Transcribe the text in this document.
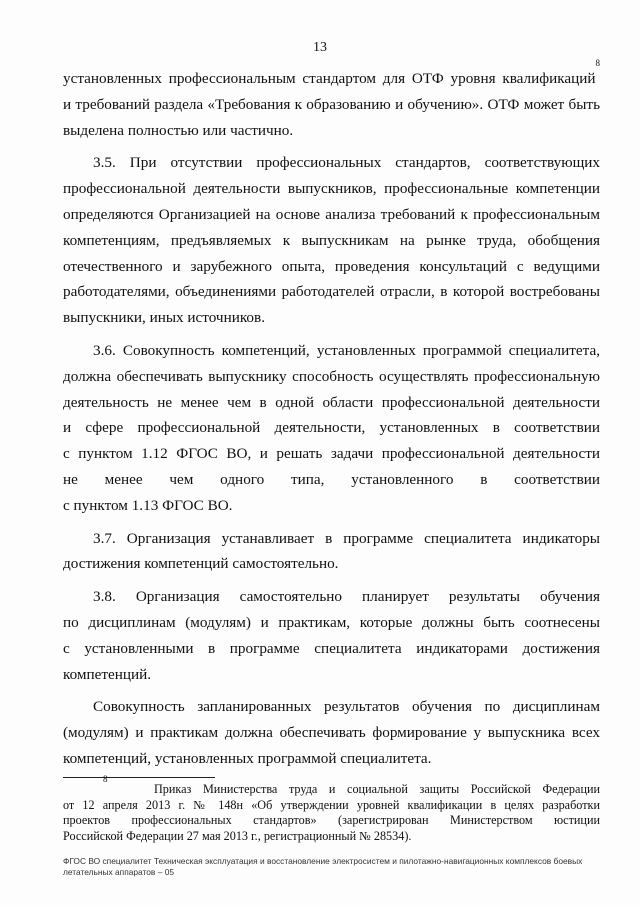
13
установленных профессиональным стандартом для ОТФ уровня квалификаций$^8$
и требований раздела «Требования к образованию и обучению». ОТФ может быть
выделена полностью или частично.
3.5. При отсутствии профессиональных стандартов, соответствующих
профессиональной деятельности выпускников, профессиональные компетенции
определяются Организацией на основе анализа требований к профессиональным
компетенциям, предъявляемых к выпускникам на рынке труда, обобщения
отечественного и зарубежного опыта, проведения консультаций с ведущими
работодателями, объединениями работодателей отрасли, в которой востребованы
выпускники, иных источников.
3.6. Совокупность компетенций, установленных программой специалитета,
должна обеспечивать выпускнику способность осуществлять профессиональную
деятельность не менее чем в одной области профессиональной деятельности
и сфере профессиональной деятельности, установленных в соответствии
с пунктом 1.12 ФГОС ВО, и решать задачи профессиональной деятельности
не менее чем одного типа, установленного в соответствии
с пунктом 1.13 ФГОС ВО.
3.7. Организация устанавливает в программе специалитета индикаторы
достижения компетенций самостоятельно.
3.8. Организация самостоятельно планирует результаты обучения
по дисциплинам (модулям) и практикам, которые должны быть соотнесены
с установленными в программе специалитета индикаторами достижения
компетенций.
Совокупность запланированных результатов обучения по дисциплинам
(модулям) и практикам должна обеспечивать формирование у выпускника всех
компетенций, установленных программой специалитета.
$^8$    Приказ Министерства труда и социальной защиты Российской Федерации
от 12 апреля 2013 г. № 148н «Об утверждении уровней квалификации в целях разработки
проектов профессиональных стандартов» (зарегистрирован Министерством юстиции
Российской Федерации 27 мая 2013 г., регистрационный № 28534).
ФГОС ВО специалитет Техническая эксплуатация и восстановление электросистем и пилотажно-навигационных комплексов боевых
летательных аппаратов – 05
